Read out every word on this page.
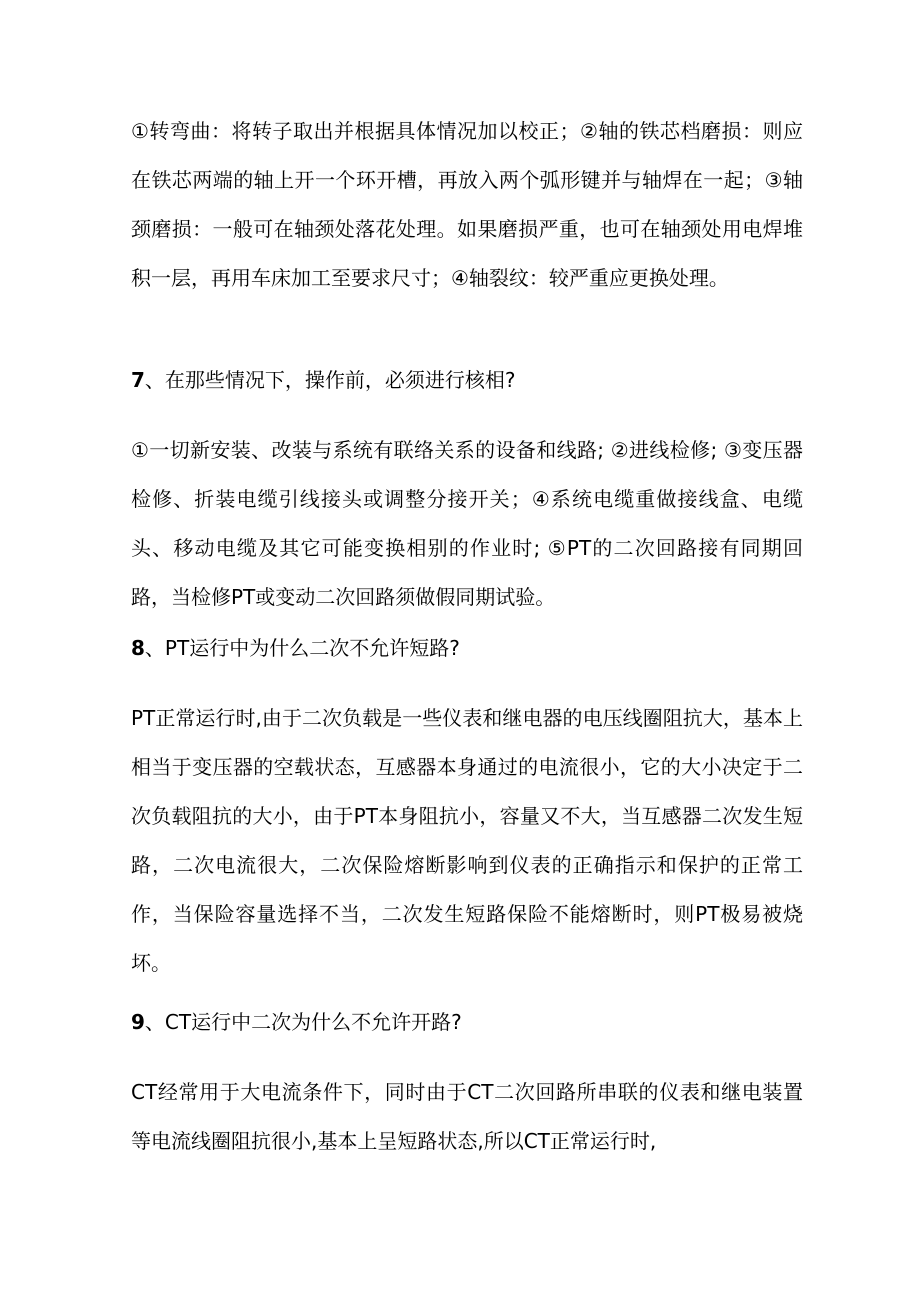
①转弯曲：将转子取出并根据具体情况加以校正；②轴的铁芯档磨损：则应在铁芯两端的轴上开一个环开槽，再放入两个弧形键并与轴焊在一起；③轴颈磨损：一般可在轴颈处落花处理。如果磨损严重，也可在轴颈处用电焊堆积一层，再用车床加工至要求尺寸；④轴裂纹：较严重应更换处理。

7、在那些情况下，操作前，必须进行核相?

①一切新安装、改装与系统有联络关系的设备和线路; ②进线检修; ③变压器检修、折装电缆引线接头或调整分接开关；④系统电缆重做接线盒、电缆头、移动电缆及其它可能变换相别的作业时; ⑤PT的二次回路接有同期回路，当检修PT或变动二次回路须做假同期试验。

8、PT运行中为什么二次不允许短路?

PT正常运行时,由于二次负载是一些仪表和继电器的电压线圈阻抗大，基本上相当于变压器的空载状态，互感器本身通过的电流很小，它的大小决定于二次负载阻抗的大小，由于PT本身阻抗小，容量又不大，当互感器二次发生短路，二次电流很大，二次保险熔断影响到仪表的正确指示和保护的正常工作，当保险容量选择不当，二次发生短路保险不能熔断时，则PT极易被烧坏。

9、CT运行中二次为什么不允许开路?

CT经常用于大电流条件下，同时由于CT二次回路所串联的仪表和继电装置等电流线圈阻抗很小,基本上呈短路状态,所以CT正常运行时,
